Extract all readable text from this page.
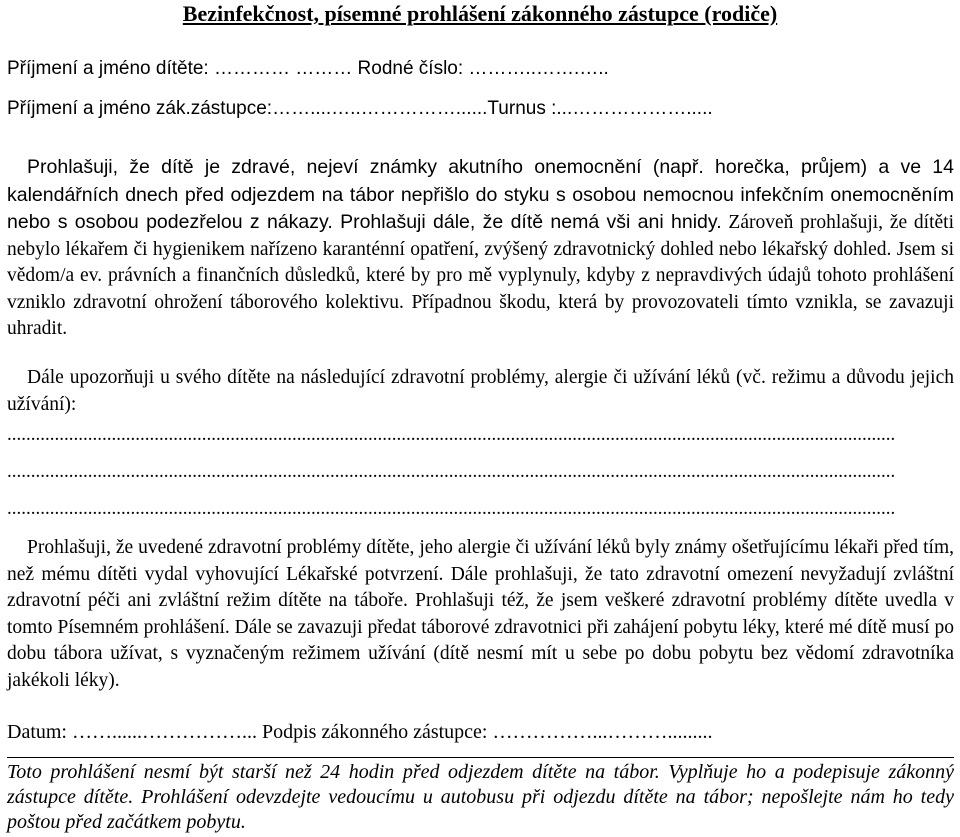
Bezinfekčnost, písemné prohlášení zákonného zástupce (rodiče)
Příjmení a jméno dítěte: ………… ……… Rodné číslo: ………..…….…..
Příjmení a jméno zák.zástupce:……....…..……………......Turnus :...……………….....
Prohlašuji, že dítě je zdravé, nejeví známky akutního onemocnění (např. horečka, průjem) a ve 14 kalendářních dnech před odjezdem na tábor nepřišlo do styku s osobou nemocnou infekčním onemocněním nebo s osobou podezřelou z nákazy. Prohlašuji dále, že dítě nemá vši ani hnidy. Zároveň prohlašuji, že dítěti nebylo lékařem či hygienikem nařízeno karanténní opatření, zvýšený zdravotnický dohled nebo lékařský dohled. Jsem si vědom/a ev. právních a finančních důsledků, které by pro mě vyplynuly, kdyby z nepravdivých údajů tohoto prohlášení vzniklo zdravotní ohrožení táborového kolektivu. Případnou škodu, která by provozovateli tímto vznikla, se zavazuji uhradit.
Dále upozorňuji u svého dítěte na následující zdravotní problémy, alergie či užívání léků (vč. režimu a důvodu jejich užívání):
...........................................................................................................................................................................................
...........................................................................................................................................................................................
...........................................................................................................................................................................................
Prohlašuji, že uvedené zdravotní problémy dítěte, jeho alergie či užívání léků byly známy ošetřujícímu lékaři před tím, než mému dítěti vydal vyhovující Lékařské potvrzení. Dále prohlašuji, že tato zdravotní omezení nevyžadují zvláštní zdravotní péči ani zvláštní režim dítěte na táboře. Prohlašuji též, že jsem veškeré zdravotní problémy dítěte uvedla v tomto Písemném prohlášení. Dále se zavazuji předat táborové zdravotnici při zahájení pobytu léky, které mé dítě musí po dobu tábora užívat, s vyznačeným režimem užívání (dítě nesmí mít u sebe po dobu pobytu bez vědomí zdravotníka jakékoli léky).
Datum: ……......……………... Podpis zákonného zástupce: ……………...……….........
Toto prohlášení nesmí být starší než 24 hodin před odjezdem dítěte na tábor. Vyplňuje ho a podepisuje zákonný zástupce dítěte. Prohlášení odevzdejte vedoucímu u autobusu při odjezdu dítěte na tábor; nepošlejte nám ho tedy poštou před začátkem pobytu.
